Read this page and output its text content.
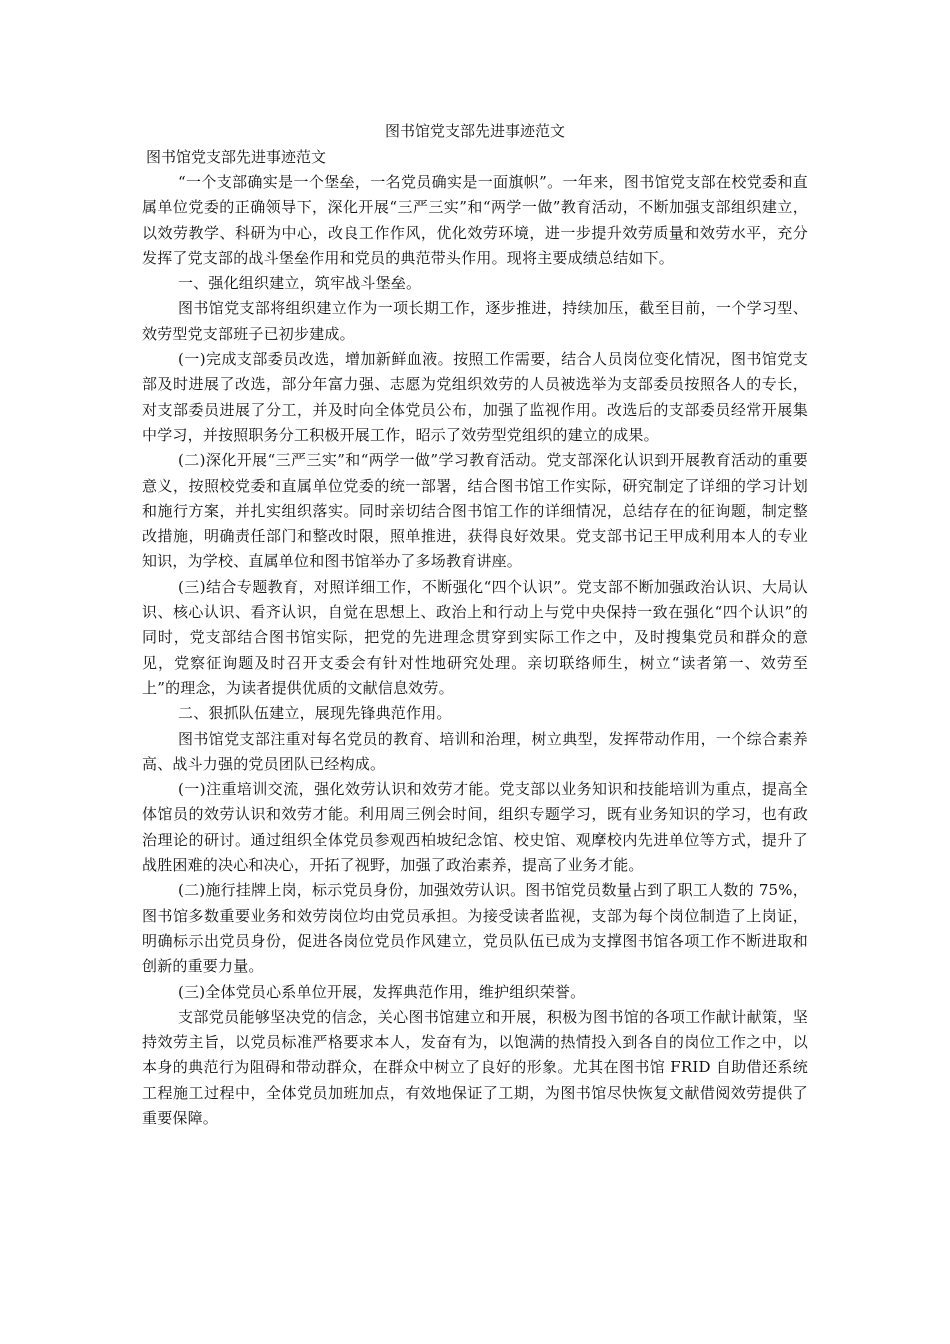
图书馆党支部先进事迹范文
图书馆党支部先进事迹范文

“一个支部确实是一个堡垒，一名党员确实是一面旗帜”。一年来，图书馆党支部在校党委和直属单位党委的正确领导下，深化开展“三严三实”和“两学一做”教育活动，不断加强支部组织建立，以效劳教学、科研为中心，改良工作作风，优化效劳环境，进一步提升效劳质量和效劳水平，充分发挥了党支部的战斗堡垒作用和党员的典范带头作用。现将主要成绩总结如下。

一、强化组织建立，筑牢战斗堡垒。

图书馆党支部将组织建立作为一项长期工作，逐步推进，持续加压，截至目前，一个学习型、效劳型党支部班子已初步建成。

(一)完成支部委员改选，增加新鲜血液。按照工作需要，结合人员岗位变化情况，图书馆党支部及时进展了改选，部分年富力强、志愿为党组织效劳的人员被选举为支部委员按照各人的专长，对支部委员进展了分工，并及时向全体党员公布，加强了监视作用。改选后的支部委员经常开展集中学习，并按照职务分工积极开展工作，昭示了效劳型党组织的建立的成果。

(二)深化开展“三严三实”和“两学一做”学习教育活动。党支部深化认识到开展教育活动的重要意义，按照校党委和直属单位党委的统一部署，结合图书馆工作实际，研究制定了详细的学习计划和施行方案，并扎实组织落实。同时亲切结合图书馆工作的详细情况，总结存在的征询题，制定整改措施，明确责任部门和整改时限，照单推进，获得良好效果。党支部书记王甲成利用本人的专业知识，为学校、直属单位和图书馆举办了多场教育讲座。

(三)结合专题教育，对照详细工作，不断强化“四个认识”。党支部不断加强政治认识、大局认识、核心认识、看齐认识，自觉在思想上、政治上和行动上与党中央保持一致在强化“四个认识”的同时，党支部结合图书馆实际，把党的先进理念贯穿到实际工作之中，及时搜集党员和群众的意见，党察征询题及时召开支委会有针对性地研究处理。亲切联络师生，树立“读者第一、效劳至上”的理念，为读者提供优质的文献信息效劳。

二、狠抓队伍建立，展现先锋典范作用。

图书馆党支部注重对每名党员的教育、培训和治理，树立典型，发挥带动作用，一个综合素养高、战斗力强的党员团队已经构成。

(一)注重培训交流，强化效劳认识和效劳才能。党支部以业务知识和技能培训为重点，提高全体馆员的效劳认识和效劳才能。利用周三例会时间，组织专题学习，既有业务知识的学习，也有政治理论的研讨。通过组织全体党员参观西柏坡纪念馆、校史馆、观摩校内先进单位等方式，提升了战胜困难的决心和决心，开拓了视野，加强了政治素养，提高了业务才能。

(二)施行挂牌上岗，标示党员身份，加强效劳认识。图书馆党员数量占到了职工人数的 75%，图书馆多数重要业务和效劳岗位均由党员承担。为接受读者监视，支部为每个岗位制造了上岗证，明确标示出党员身份，促进各岗位党员作风建立，党员队伍已成为支撑图书馆各项工作不断进取和创新的重要力量。

(三)全体党员心系单位开展，发挥典范作用，维护组织荣誉。

支部党员能够坚决党的信念，关心图书馆建立和开展，积极为图书馆的各项工作献计献策，坚持效劳主旨，以党员标准严格要求本人，发奋有为，以饱满的热情投入到各自的岗位工作之中，以本身的典范行为阻碍和带动群众，在群众中树立了良好的形象。尤其在图书馆 FRID 自助借还系统工程施工过程中，全体党员加班加点，有效地保证了工期，为图书馆尽快恢复文献借阅效劳提供了重要保障。
